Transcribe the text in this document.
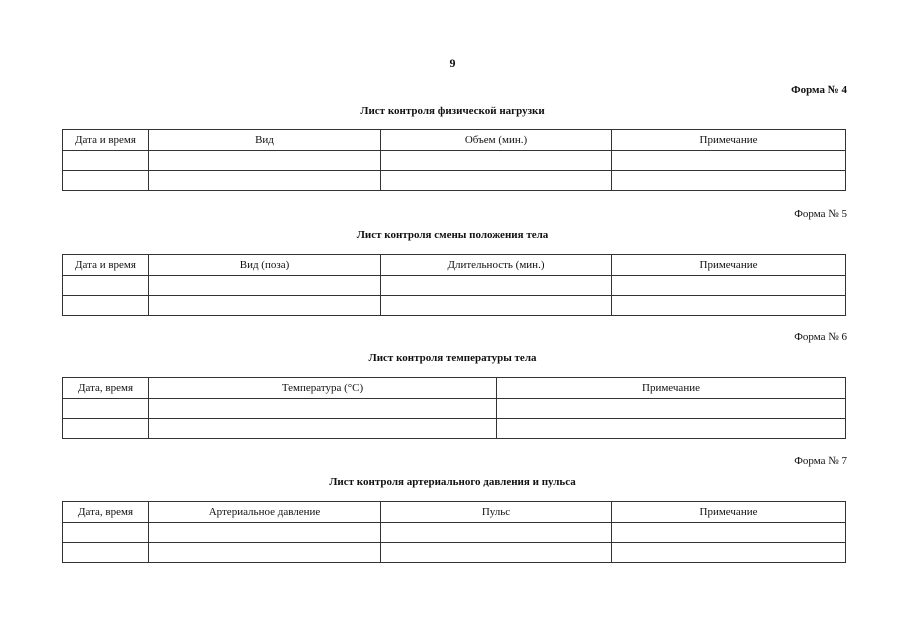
9
Форма № 4
Лист контроля физической нагрузки
Дата и время	Вид	Объем (мин.)	Примечание

Форма № 5
Лист контроля смены положения тела
Дата и время	Вид (поза)	Длительность (мин.)	Примечание

Форма № 6
Лист контроля температуры тела
Дата, время	Температура (°C)	Примечание

Форма № 7
Лист контроля артериального давления и пульса
Дата, время	Артериальное давление	Пульс	Примечание
